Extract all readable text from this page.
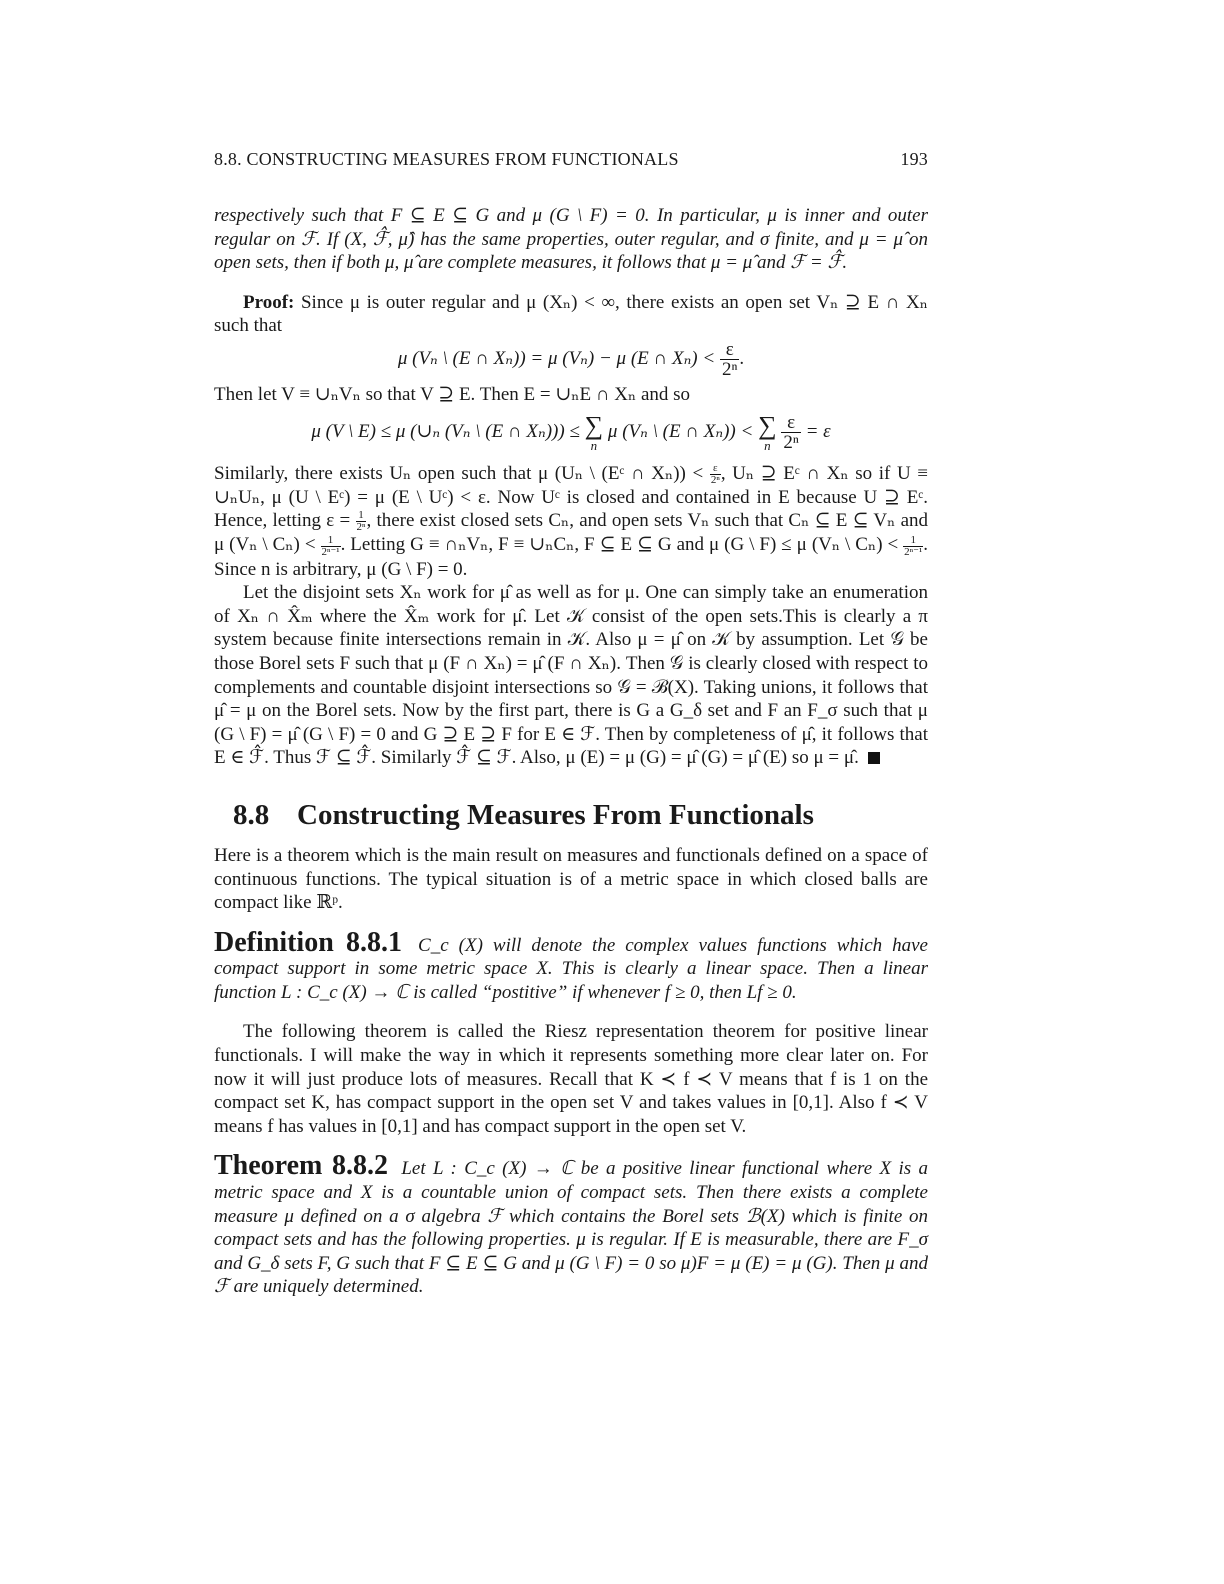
8.8. CONSTRUCTING MEASURES FROM FUNCTIONALS	193

respectively such that F ⊆ E ⊆ G and μ (G \ F) = 0. In particular, μ is inner and outer regular on ℱ. If (X, ℱ̂, μ̂) has the same properties, outer regular, and σ finite, and μ = μ̂ on open sets, then if both μ, μ̂ are complete measures, it follows that μ = μ̂ and ℱ = ℱ̂.

Proof: Since μ is outer regular and μ (Xₙ) < ∞, there exists an open set Vₙ ⊇ E ∩ Xₙ such that

μ (Vₙ \ (E ∩ Xₙ)) = μ (Vₙ) − μ (E ∩ $X_n) < \frac{\varepsilon}{\text{2ⁿ}}$ .

Then let V ≡ ∪ₙVₙ so that V ⊇ E. Then E = ∪ₙE ∩ Xₙ and so

μ (V \ E) ≤ μ (∪ₙ (Vₙ \ (E ∩ Xₙ))) ≤ ∑
n
μ (Vₙ \ (E ∩ Xₙ)) < ∑
n
$\frac{\varepsilon}{\text{2ⁿ}} = \varepsilon$

Similarly, there exists Uₙ open such that μ (Uₙ \ (Eᶜ ∩ $X_n)) < \frac{\varepsilon}{\text{2ⁿ}}$ , Uₙ ⊇ Eᶜ ∩ Xₙ so if U ≡ ∪ₙUₙ, μ (U \ Eᶜ) = μ (E \ Uᶜ) < ε. Now Uᶜ is closed and contained in E because U ⊇ Eᶜ. Hence, letting $\varepsilon = \frac{1}{\text{2ⁿ}}$ , there exist closed sets Cₙ, and open sets Vₙ such that Cₙ ⊆ E ⊆ Vₙ and μ (Vₙ \ $C_n) < \frac{1}{\text{2ⁿ⁻¹}}$ . Letting G ≡ ∩ₙVₙ, F ≡ ∪ₙCₙ, F ⊆ E ⊆ G and μ (G \ F) ≤ μ (Vₙ \ $C_n) < \frac{1}{\text{2ⁿ⁻¹}}$ . Since n is arbitrary, μ (G \ F) = 0.

Let the disjoint sets Xₙ work for μ̂ as well as for μ. One can simply take an enumeration of Xₙ ∩ X̂ₘ where the X̂ₘ work for μ̂. Let 𝒦 consist of the open sets.This is clearly a π system because finite intersections remain in 𝒦. Also μ = μ̂ on 𝒦 by assumption. Let 𝒢 be those Borel sets F such that μ (F ∩ Xₙ) = μ̂ (F ∩ Xₙ). Then 𝒢 is clearly closed with respect to complements and countable disjoint intersections so 𝒢 = ℬ(X). Taking unions, it follows that μ̂ = μ on the Borel sets. Now by the first part, there is G a G_δ set and F an F_σ such that μ (G \ F) = μ̂ (G \ F) = 0 and G ⊇ E ⊇ F for E ∈ ℱ. Then by completeness of μ̂, it follows that E ∈ ℱ̂. Thus ℱ ⊆ ℱ̂. Similarly ℱ̂ ⊆ ℱ. Also, μ (E) = μ (G) = μ̂ (G) = μ̂ (E) so μ = μ̂.

8.8 Constructing Measures From Functionals

Here is a theorem which is the main result on measures and functionals defined on a space of continuous functions. The typical situation is of a metric space in which closed balls are compact like ℝᵖ.

Definition 8.8.1 C_c (X) will denote the complex values functions which have compact support in some metric space X. This is clearly a linear space. Then a linear function L : C_c (X) → ℂ is called “postitive” if whenever f ≥ 0, then Lf ≥ 0.

The following theorem is called the Riesz representation theorem for positive linear functionals. I will make the way in which it represents something more clear later on. For now it will just produce lots of measures. Recall that K ≺ f ≺ V means that f is 1 on the compact set K, has compact support in the open set V and takes values in [0,1]. Also f ≺ V means f has values in [0,1] and has compact support in the open set V.

Theorem 8.8.2 Let L : C_c (X) → ℂ be a positive linear functional where X is a metric space and X is a countable union of compact sets. Then there exists a complete measure μ defined on a σ algebra ℱ which contains the Borel sets ℬ(X) which is finite on compact sets and has the following properties. μ is regular. If E is measurable, there are F_σ and G_δ sets F, G such that F ⊆ E ⊆ G and μ (G \ F) = 0 so μ)F = μ (E) = μ (G). Then μ and ℱ are uniquely determined.
